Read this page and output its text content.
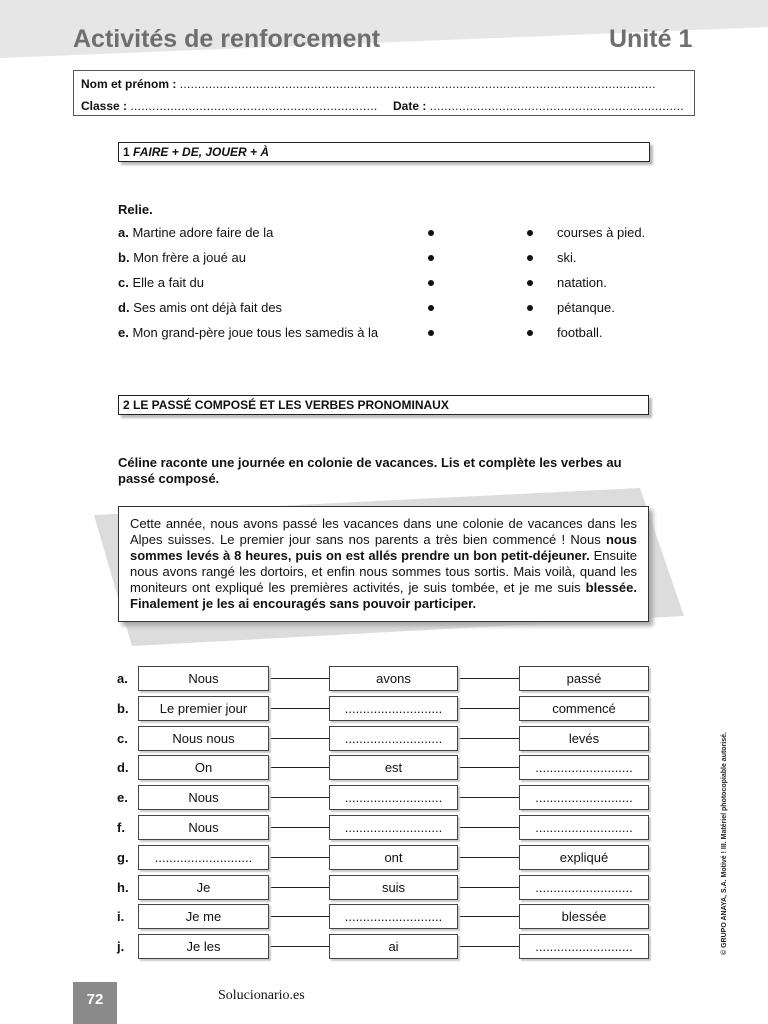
Activités de renforcement	Unité 1
Nom et prénom : ...................................................................................................................................
Classe : .................................................................... Date : ......................................................................
1 FAIRE + DE, JOUER + À
Relie.
a. Martine adore faire de la	courses à pied.
b. Mon frère a joué au	ski.
c. Elle a fait du	natation.
d. Ses amis ont déjà fait des	pétanque.
e. Mon grand-père joue tous les samedis à la	football.
2 LE PASSÉ COMPOSÉ ET LES VERBES PRONOMINAUX
Céline raconte une journée en colonie de vacances. Lis et complète les verbes au passé composé.
Cette année, nous avons passé les vacances dans une colonie de vacances dans les Alpes suisses. Le premier jour sans nos parents a très bien commencé ! Nous nous sommes levés à 8 heures, puis on est allés prendre un bon petit-déjeuner. Ensuite nous avons rangé les dortoirs, et enfin nous sommes tous sortis. Mais voilà, quand les moniteurs ont expliqué les premières activités, je suis tombée, et je me suis blessée. Finalement je les ai encouragés sans pouvoir participer.
a.	Nous	avons	passé
b.	Le premier jour	...........................	commencé
c.	Nous nous	...........................	levés
d.	On	est	...........................
e.	Nous	...........................	...........................
f.	Nous	...........................	...........................
g.	...........................	ont	expliqué
h.	Je	suis	...........................
i.	Je me	...........................	blessée
j.	Je les	ai	...........................
72	Solucionario.es
© GRUPO ANAYA, S.A. Motivé ! III. Matériel photocopiable autorisé.
